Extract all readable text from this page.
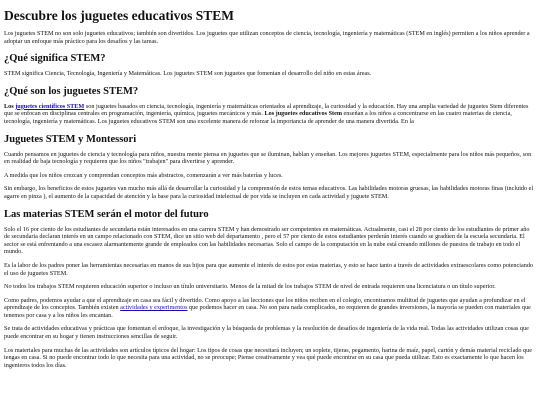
Descubre los juguetes educativos STEM

Los juguetes STEM no son solo juguetes educativos; también son divertidos. Los juguetes que utilizan conceptos de ciencia, tecnología, ingeniería y matemáticas (STEM en inglés) permiten a los niños aprender a adoptar un enfoque más práctico para los desafíos y las tareas.

¿Qué significa STEM?

STEM significa Ciencia, Tecnología, Ingeniería y Matemáticas. Los juguetes STEM son juguetes que fomentan el desarrollo del niño en estas áreas.

¿Qué son los juguetes STEM?

Los juguetes científicos STEM son juguetes basados en ciencia, tecnología, ingeniería y matemáticas orientados al aprendizaje, la curiosidad y la educación. Hay una amplia variedad de juguetes Stem diferentes que se enfocan en disciplinas centrales en programación, ingeniería, química, juguetes mecánicos y más. Los juguetes educativos Stem enseñan a los niños a concentrarse en las cuatro materias de ciencia, tecnología, ingeniería y matemáticas. Los juguetes educativos STEM son una excelente manera de reforzar la importancia de aprender de una manera divertida. En la

Juguetes STEM y Montessori

Cuando pensamos en juguetes de ciencia y tecnología para niños, nuestra mente piensa en juguetes que se iluminan, hablan y enseñan. Los mejores juguetes STEM, especialmente para los niños más pequeños, son en realidad de baja tecnología y requieren que los niños "trabajen" para divertirse y aprender.

A medida que los niños crezcan y comprendan conceptos más abstractos, comenzarán a ver más baterías y luces.

Sin embargo, los beneficios de estos juguetes van mucho más allá de desarrollar la curiosidad y la comprensión de estos temas educativos. Las habilidades motoras gruesas, las habilidades motoras finas (incluido el agarre en pinza ), el aumento de la capacidad de atención y la base para la curiosidad intelectual de por vida se incluyen en cada actividad y juguete STEM.

Las materias STEM serán el motor del futuro

Solo el 16 por ciento de los estudiantes de secundaria están interesados en una carrera STEM y han demostrado ser competentes en matemáticas. Actualmente, casi el 28 por ciento de los estudiantes de primer año de secundaria declaran interés en un campo relacionado con STEM, dice un sitio web del departamento , pero el 57 por ciento de estos estudiantes perderán interés cuando se gradúen de la escuela secundaria. El sector se está enfrentando a una escasez alarmantemente grande de empleados con las habilidades necesarias. Solo el campo de la computación en la nube está creando millones de puestos de trabajo en todo el mundo.

Es la labor de los padres poner las herramientas necesarias en manos de sus hijos para que aumente el interés de estos por estas materias, y esto se hace tanto a través de actividades extraescolares como potenciando el uso de juguetes STEM.

No todos los trabajos STEM requieren educación superior o incluso un título universitario. Menos de la mitad de los trabajos STEM de nivel de entrada requieren una licenciatura o un título superior.

Como padres, podemos ayudar a que el aprendizaje en casa sea fácil y divertido. Como apoyo a las lecciones que los niños reciben en el colegio, encontramos multitud de juguetes que ayudan a profundizar en el aprendizaje de los conceptos. También existen actividades y experimentos que podemos hacer en casa. No son para nada complicados, no requieren de grandes inversiones, la mayoría se pueden con materiales que tenemos por casa y a los niños les encantan.

Se trata de actividades educativas y prácticas que fomentan el enfoque, la investigación y la búsqueda de problemas y la resolución de desafíos de ingeniería de la vida real. Todas las actividades utilizan cosas que puede encontrar en su hogar y tienen instrucciones sencillas de seguir.

Los materiales para muchas de las actividades son artículos típicos del hogar: Los tipos de cosas que necesitará incluyen; un soplete, tijeras, pegamento, harina de maíz, papel, cartón y demás material reciclado que tengas en casa. Si no puede encontrar todo lo que necesita para una actividad, no se preocupe; Piense creativamente y vea qué puede encontrar en su casa que pueda utilizar. Esto es exactamente lo que hacen los ingenieros todos los días.
